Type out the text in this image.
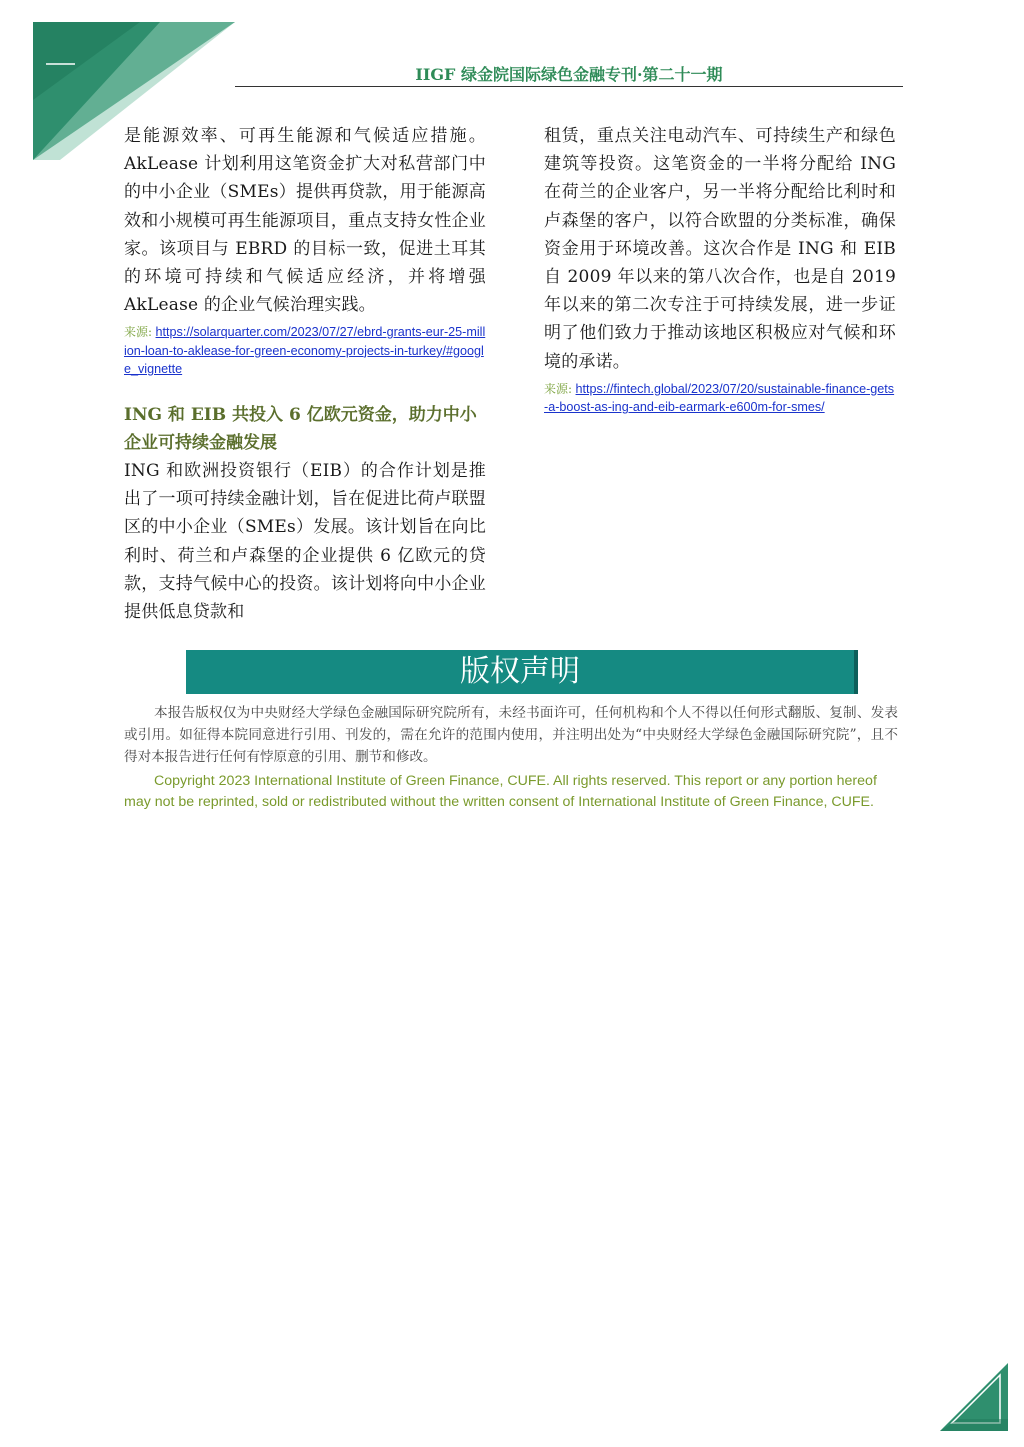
IIGF 绿金院国际绿色金融专刊·第二十一期

是能源效率、可再生能源和气候适应措施。AkLease 计划利用这笔资金扩大对私营部门中的中小企业（SMEs）提供再贷款，用于能源高效和小规模可再生能源项目，重点支持女性企业家。该项目与 EBRD 的目标一致，促进土耳其的环境可持续和气候适应经济，并将增强 AkLease 的企业气候治理实践。

来源: https://solarquarter.com/2023/07/27/ebrd-grants-eur-25-million-loan-to-aklease-for-green-economy-projects-in-turkey/#google_vignette

ING 和 EIB 共投入 6 亿欧元资金，助力中小企业可持续金融发展

ING 和欧洲投资银行（EIB）的合作计划是推出了一项可持续金融计划，旨在促进比荷卢联盟区的中小企业（SMEs）发展。该计划旨在向比利时、荷兰和卢森堡的企业提供 6 亿欧元的贷款，支持气候中心的投资。该计划将向中小企业提供低息贷款和

租赁，重点关注电动汽车、可持续生产和绿色建筑等投资。这笔资金的一半将分配给 ING 在荷兰的企业客户，另一半将分配给比利时和卢森堡的客户，以符合欧盟的分类标准，确保资金用于环境改善。这次合作是 ING 和 EIB 自 2009 年以来的第八次合作，也是自 2019 年以来的第二次专注于可持续发展，进一步证明了他们致力于推动该地区积极应对气候和环境的承诺。

来源: https://fintech.global/2023/07/20/sustainable-finance-gets-a-boost-as-ing-and-eib-earmark-e600m-for-smes/

版权声明

本报告版权仅为中央财经大学绿色金融国际研究院所有，未经书面许可，任何机构和个人不得以任何形式翻版、复制、发表或引用。如征得本院同意进行引用、刊发的，需在允许的范围内使用，并注明出处为“中央财经大学绿色金融国际研究院”，且不得对本报告进行任何有悖原意的引用、删节和修改。

Copyright 2023 International Institute of Green Finance, CUFE. All rights reserved. This report or any portion hereof may not be reprinted, sold or redistributed without the written consent of International Institute of Green Finance, CUFE.
